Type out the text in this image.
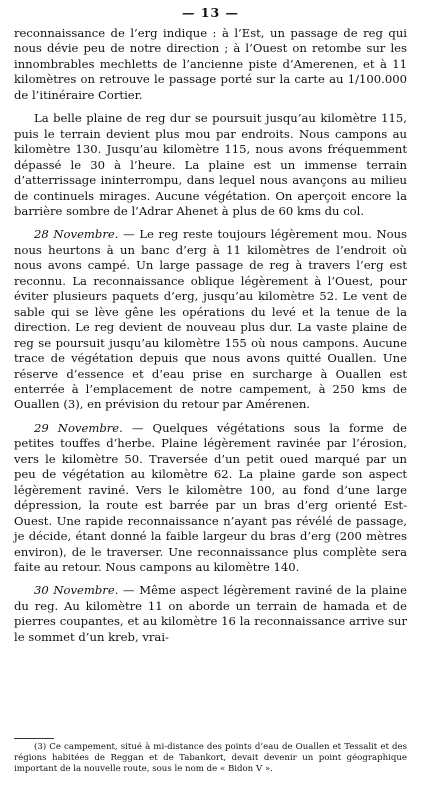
— 13 —

reconnaissance de l’erg indique : à l’Est, un passage de reg qui nous dévie peu de notre direction ; à l’Ouest on retombe sur les innombrables mechletts de l’ancienne piste d’Amerenen, et à 11 kilomètres on retrouve le passage porté sur la carte au 1/100.000 de l’itinéraire Cortier.

La belle plaine de reg dur se poursuit jusqu’au kilomètre 115, puis le terrain devient plus mou par endroits. Nous campons au kilomètre 130. Jusqu’au kilomètre 115, nous avons fréquemment dépassé le 30 à l’heure. La plaine est un immense terrain d’atterrissage ininterrompu, dans lequel nous avançons au milieu de continuels mirages. Aucune végétation. On aperçoit encore la barrière sombre de l’Adrar Ahenet à plus de 60 kms du col.

28 Novembre. — Le reg reste toujours légèrement mou. Nous nous heurtons à un banc d’erg à 11 kilomètres de l’endroit où nous avons campé. Un large passage de reg à travers l’erg est reconnu. La reconnaissance oblique légèrement à l’Ouest, pour éviter plusieurs paquets d’erg, jusqu’au kilomètre 52. Le vent de sable qui se lève gêne les opérations du levé et la tenue de la direction. Le reg devient de nouveau plus dur. La vaste plaine de reg se poursuit jusqu’au kilomètre 155 où nous campons. Aucune trace de végétation depuis que nous avons quitté Ouallen. Une réserve d’essence et d’eau prise en surcharge à Ouallen est enterrée à l’emplacement de notre campement, à 250 kms de Ouallen (3), en prévision du retour par Amérenen.

29 Novembre. — Quelques végétations sous la forme de petites touffes d’herbe. Plaine légèrement ravinée par l’érosion, vers le kilomètre 50. Traversée d’un petit oued marqué par un peu de végétation au kilomètre 62. La plaine garde son aspect légèrement raviné. Vers le kilomètre 100, au fond d’une large dépression, la route est barrée par un bras d’erg orienté Est-Ouest. Une rapide reconnaissance n’ayant pas révélé de passage, je décide, étant donné la faible largeur du bras d’erg (200 mètres environ), de le traverser. Une reconnaissance plus complète sera faite au retour. Nous campons au kilomètre 140.

30 Novembre. — Même aspect légèrement raviné de la plaine du reg. Au kilomètre 11 on aborde un terrain de hamada et de pierres coupantes, et au kilomètre 16 la reconnaissance arrive sur le sommet d’un kreb, vrai-

(3) Ce campement, situé à mi-distance des points d’eau de Ouallen et Tessalit et des régions habitées de Reggan et de Tabankort, devait devenir un point géographique important de la nouvelle route, sous le nom de « Bidon V ».
